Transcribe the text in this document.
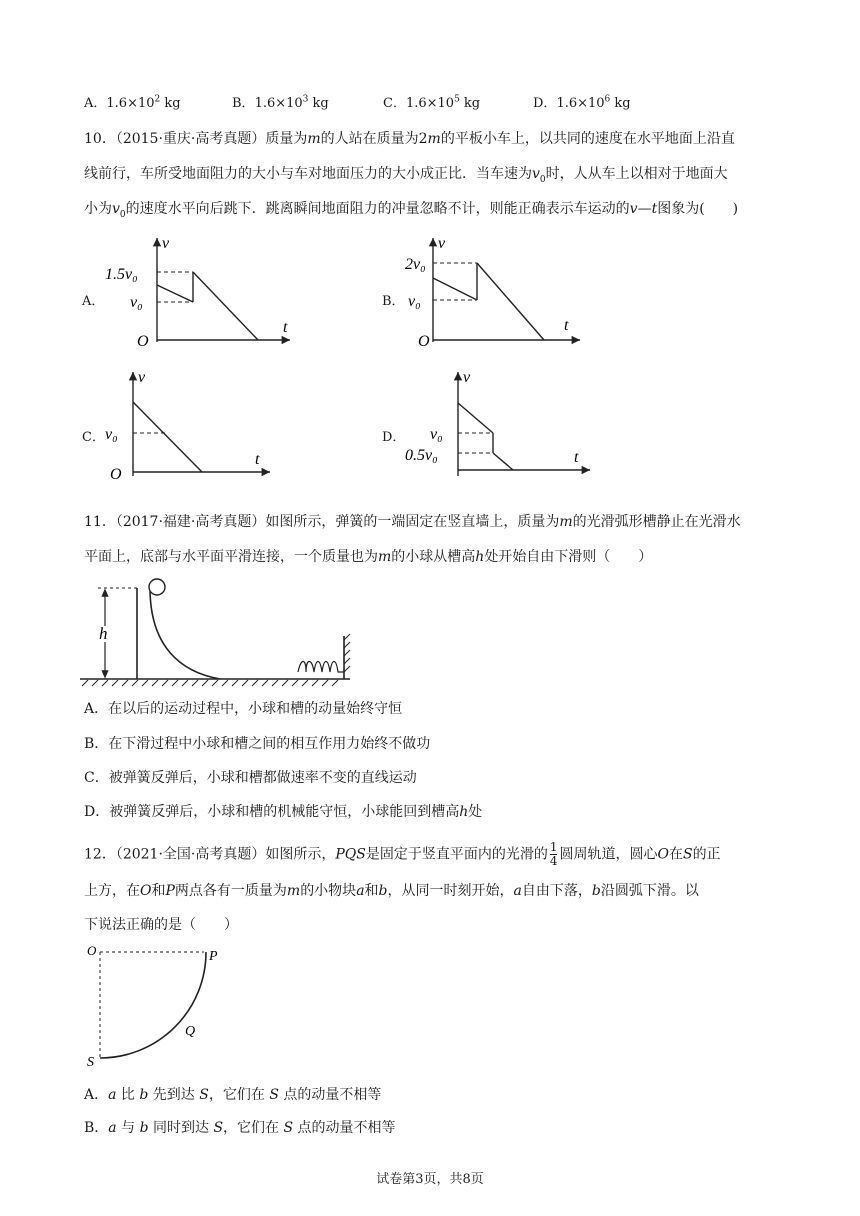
A．$1.6\times 10^2$ kg	B．$1.6\times 10^3$ kg	C．$1.6\times 10^5$ kg	D．$1.6\times 10^6$ kg
10．（2015·重庆·高考真题）质量为m的人站在质量为2m的平板小车上，以共同的速度在水平地面上沿直
线前行，车所受地面阻力的大小与车对地面压力的大小成正比．当车速为$v_0$时，人从车上以相对于地面大
小为$v_0$的速度水平向后跳下．跳离瞬间地面阻力的冲量忽略不计，则能正确表示车运动的v—t图象为(　　)
A．
v
t
O
1.5v₀
v₀	B．
v
t
O
2v₀
v₀
C．
v
t
O
v₀	D．
v
t
0.5v₀
v₀
11．（2017·福建·高考真题）如图所示，弹簧的一端固定在竖直墙上，质量为m的光滑弧形槽静止在光滑水
平面上，底部与水平面平滑连接，一个质量也为m的小球从槽高h处开始自由下滑则（　　）
h
A．在以后的运动过程中，小球和槽的动量始终守恒
B．在下滑过程中小球和槽之间的相互作用力始终不做功
C．被弹簧反弹后，小球和槽都做速率不变的直线运动
D．被弹簧反弹后，小球和槽的机械能守恒，小球能回到槽高h处
12．（2021·全国·高考真题）如图所示，PQS是固定于竖直平面内的光滑的 $\frac{1}{4}$ 圆周轨道，圆心O在S的正
上方，在O和P两点各有一质量为m的小物块a和b，从同一时刻开始，a自由下落，b沿圆弧下滑。以
下说法正确的是（　　）
O	P
Q
S
A．a 比 b 先到达 S，它们在 S 点的动量不相等
B．a 与 b 同时到达 S，它们在 S 点的动量不相等
试卷第3页，共8页
